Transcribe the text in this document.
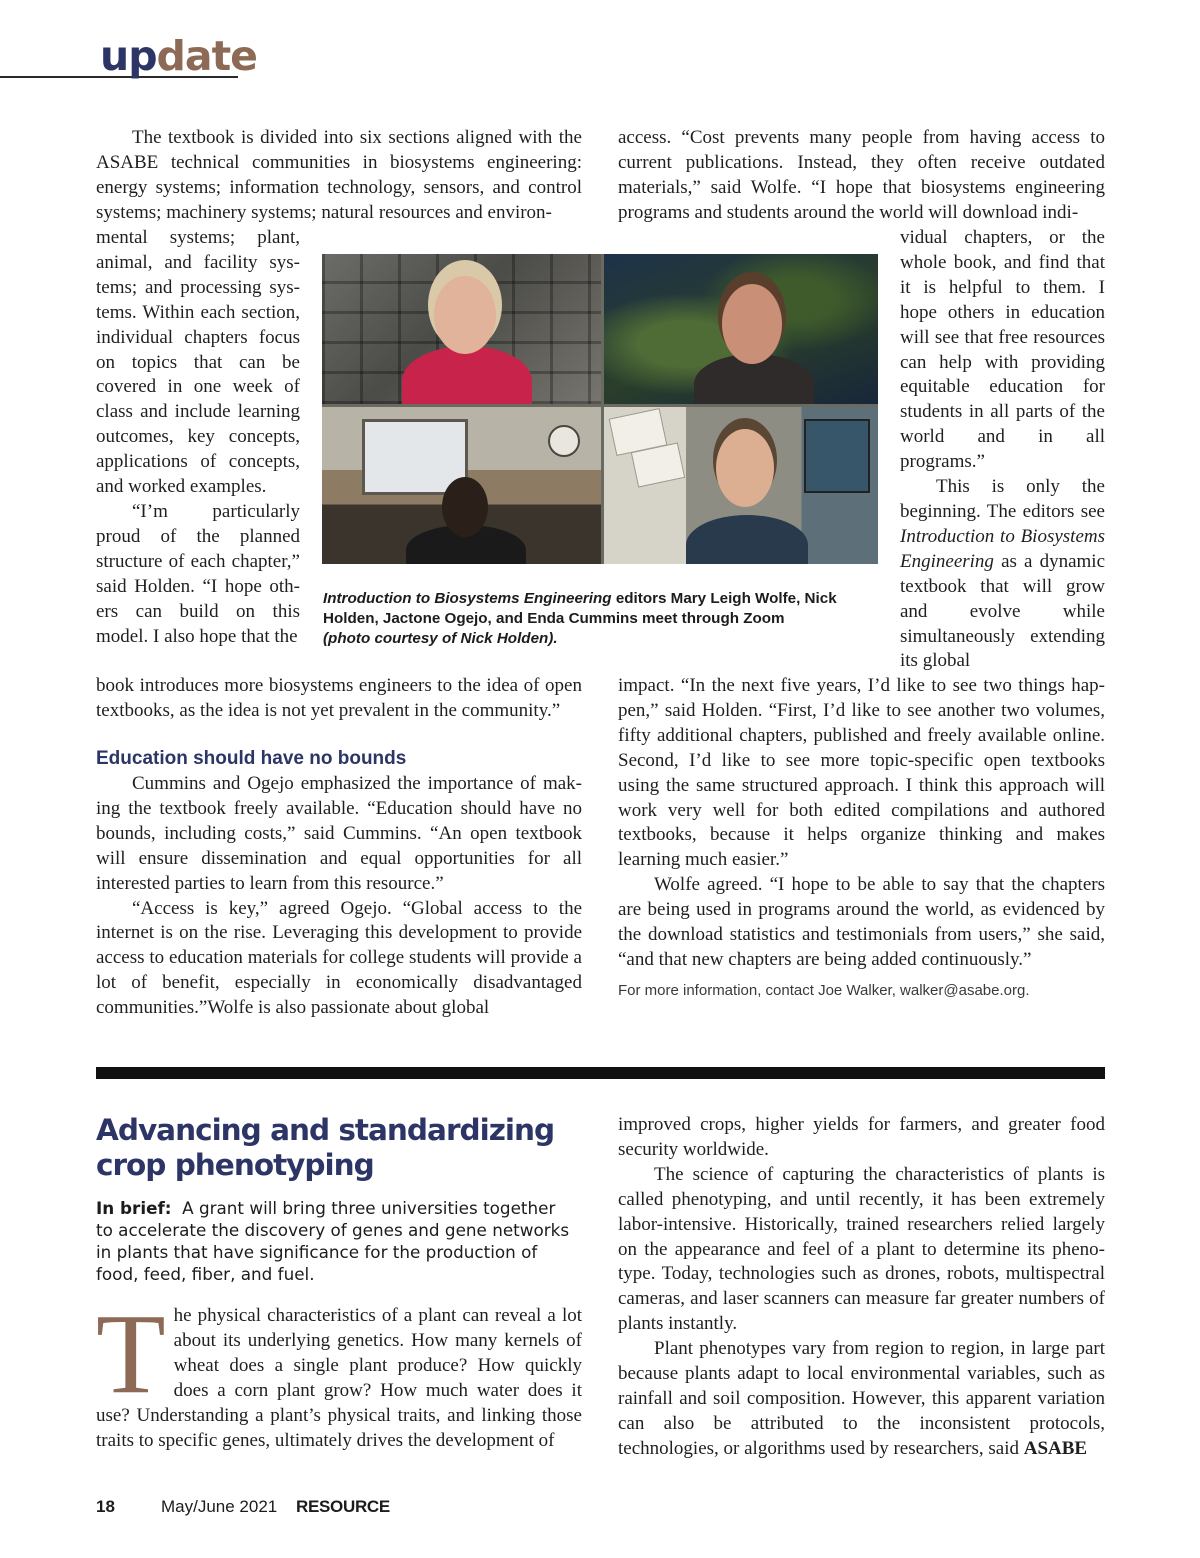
update

The textbook is divided into six sections aligned with the ASABE technical communities in biosystems engineering: energy systems; information technology, sensors, and control systems; machinery systems; natural resources and environ-

mental systems; plant, animal, and facility systems; and processing systems. Within each section, individual chapters focus on topics that can be covered in one week of class and include learning outcomes, key concepts, applications of concepts, and worked examples.

“I’m particularly proud of the planned structure of each chapter,” said Holden. “I hope others can build on this model. I also hope that the

book introduces more biosystems engineers to the idea of open textbooks, as the idea is not yet prevalent in the community.”

Education should have no bounds

Cummins and Ogejo emphasized the importance of making the textbook freely available. “Education should have no bounds, including costs,” said Cummins. “An open textbook will ensure dissemination and equal opportunities for all interested parties to learn from this resource.”

“Access is key,” agreed Ogejo. “Global access to the internet is on the rise. Leveraging this development to provide access to education materials for college students will provide a lot of benefit, especially in economically disadvantaged communities.”Wolfe is also passionate about global

access. “Cost prevents many people from having access to current publications. Instead, they often receive outdated materials,” said Wolfe. “I hope that biosystems engineering programs and students around the world will download indi-

vidual chapters, or the whole book, and find that it is helpful to them. I hope others in education will see that free resources can help with providing equitable education for students in all parts of the world and in all programs.”

This is only the beginning. The editors see Introduction to Biosystems Engineering as a dynamic textbook that will grow and evolve while simultaneously extending its global

impact. “In the next five years, I’d like to see two things happen,” said Holden. “First, I’d like to see another two volumes, fifty additional chapters, published and freely available online. Second, I’d like to see more topic-specific open textbooks using the same structured approach. I think this approach will work very well for both edited compilations and authored textbooks, because it helps organize thinking and makes learning much easier.”

Wolfe agreed. “I hope to be able to say that the chapters are being used in programs around the world, as evidenced by the download statistics and testimonials from users,” she said, “and that new chapters are being added continuously.”

For more information, contact Joe Walker, walker@asabe.org.
Introduction to Biosystems Engineering editors Mary Leigh Wolfe, Nick Holden, Jactone Ogejo, and Enda Cummins meet through Zoom
(photo courtesy of Nick Holden).
Advancing and standardizing crop phenotyping
In brief: A grant will bring three universities together to accelerate the discovery of genes and gene networks in plants that have significance for the production of food, feed, fiber, and fuel.
The physical characteristics of a plant can reveal a lot about its underlying genetics. How many kernels of wheat does a single plant produce? How quickly does a corn plant grow? How much water does it use? Understanding a plant’s physical traits, and linking those traits to specific genes, ultimately drives the development of

improved crops, higher yields for farmers, and greater food security worldwide.

The science of capturing the characteristics of plants is called phenotyping, and until recently, it has been extremely labor-intensive. Historically, trained researchers relied largely on the appearance and feel of a plant to determine its phenotype. Today, technologies such as drones, robots, multispectral cameras, and laser scanners can measure far greater numbers of plants instantly.

Plant phenotypes vary from region to region, in large part because plants adapt to local environmental variables, such as rainfall and soil composition. However, this apparent variation can also be attributed to the inconsistent protocols, technologies, or algorithms used by researchers, said ASABE

18	May/June 2021 RESOURCE
